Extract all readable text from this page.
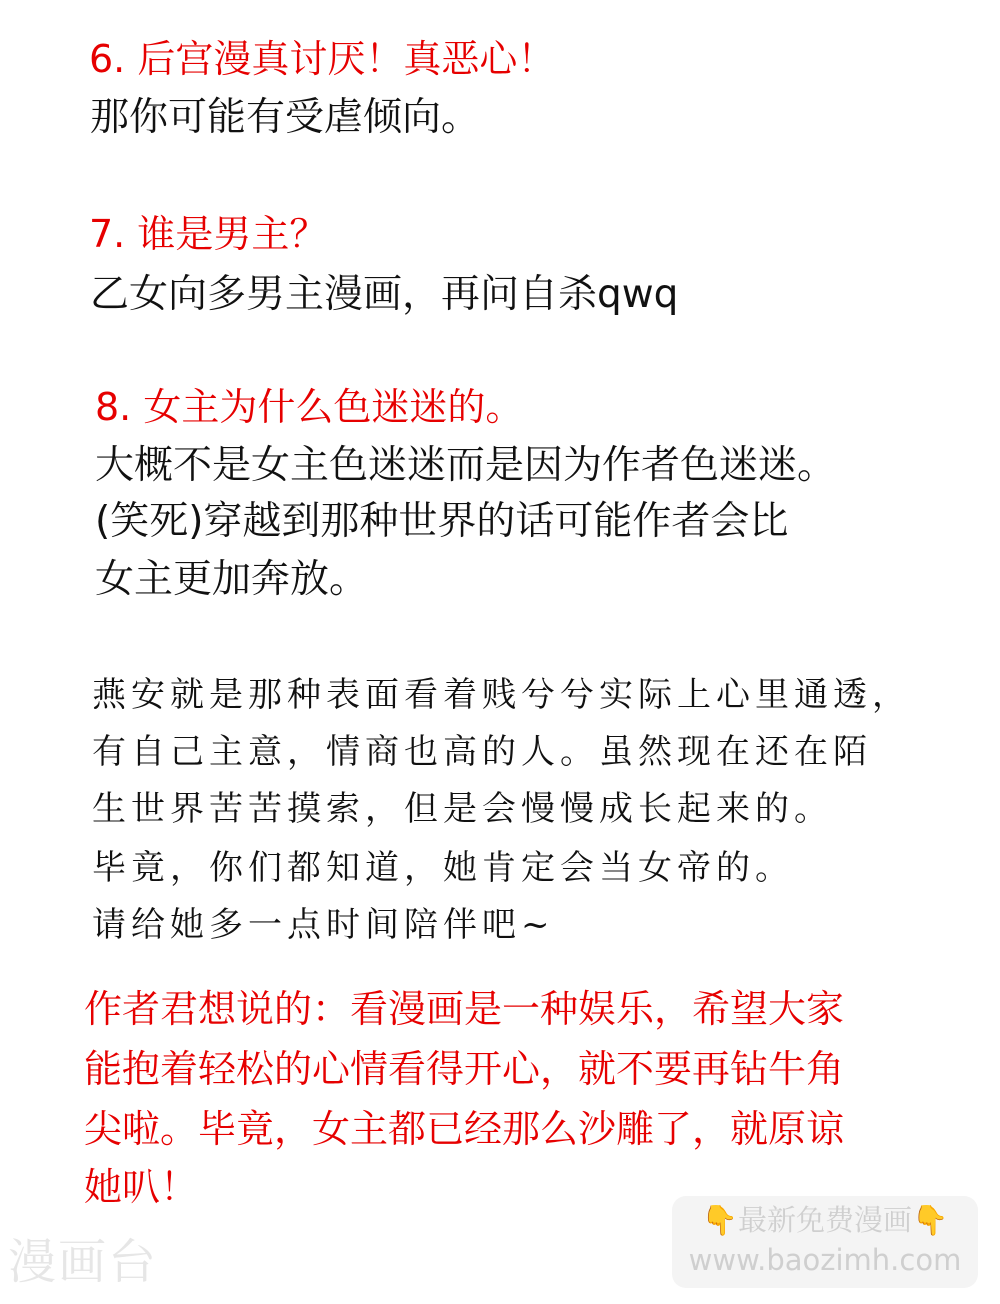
6. 后宫漫真讨厌！真恶心！
那你可能有受虐倾向。
7. 谁是男主？
乙女向多男主漫画，再问自杀qwq
8. 女主为什么色迷迷的。
大概不是女主色迷迷而是因为作者色迷迷。
(笑死)穿越到那种世界的话可能作者会比
女主更加奔放。
燕安就是那种表面看着贱兮兮实际上心里通透，
有自己主意，情商也高的人。虽然现在还在陌
生世界苦苦摸索，但是会慢慢成长起来的。
毕竟，你们都知道，她肯定会当女帝的。
请给她多一点时间陪伴吧~
作者君想说的：看漫画是一种娱乐，希望大家
能抱着轻松的心情看得开心，就不要再钻牛角
尖啦。毕竟，女主都已经那么沙雕了，就原谅
她叭！
漫画台
👇最新免费漫画👇
www.baozimh.com
